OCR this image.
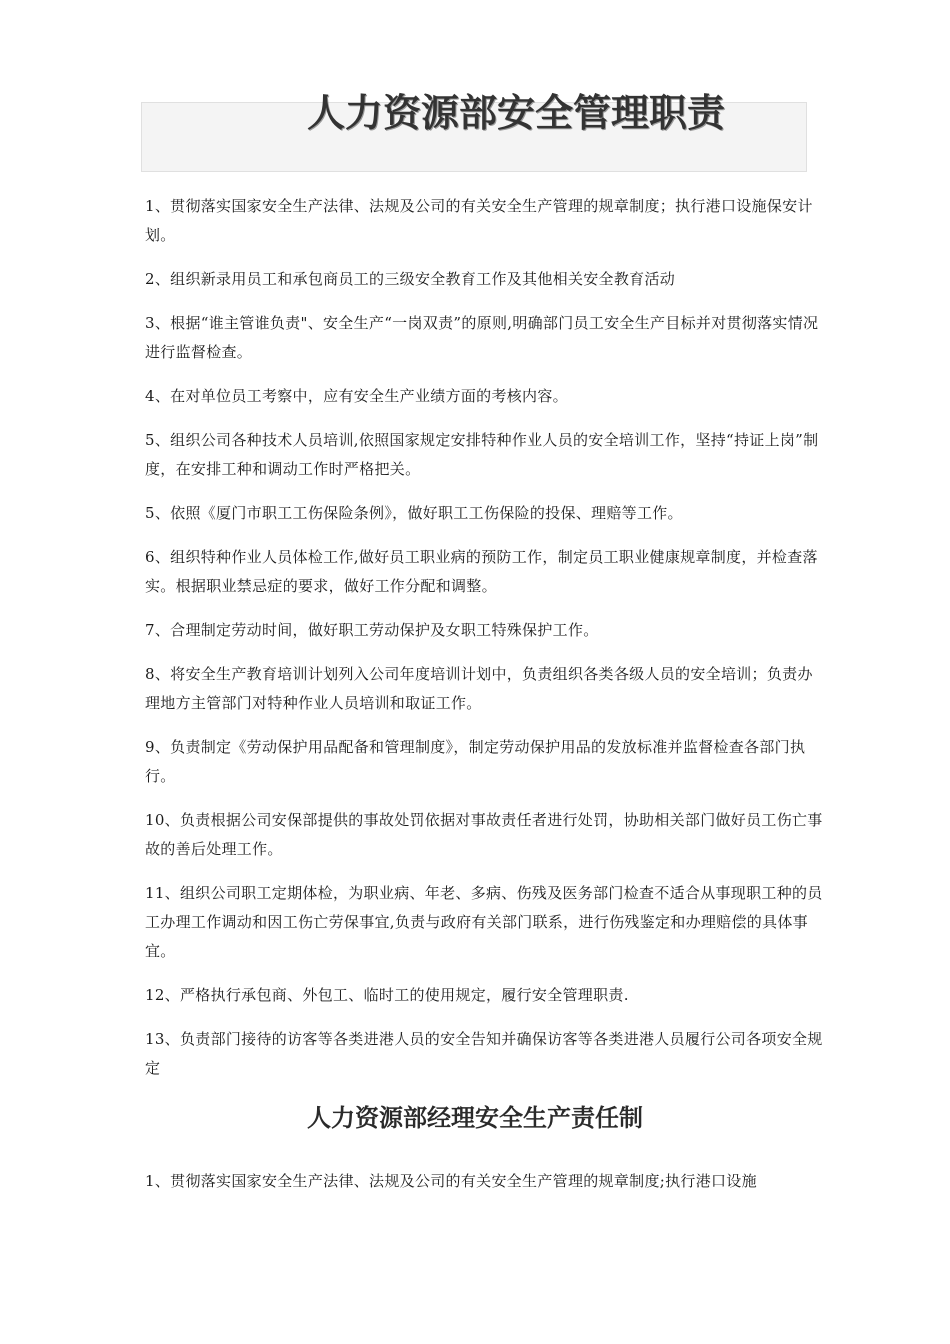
人力资源部安全管理职责

1、贯彻落实国家安全生产法律、法规及公司的有关安全生产管理的规章制度；执行港口设施保安计划。

2、组织新录用员工和承包商员工的三级安全教育工作及其他相关安全教育活动

3、根据“谁主管谁负责"、安全生产“一岗双责”的原则,明确部门员工安全生产目标并对贯彻落实情况进行监督检查。

4、在对单位员工考察中，应有安全生产业绩方面的考核内容。

5、组织公司各种技术人员培训,依照国家规定安排特种作业人员的安全培训工作，坚持“持证上岗”制度，在安排工种和调动工作时严格把关。

5、依照《厦门市职工工伤保险条例》，做好职工工伤保险的投保、理赔等工作。

6、组织特种作业人员体检工作,做好员工职业病的预防工作，制定员工职业健康规章制度，并检查落实。根据职业禁忌症的要求，做好工作分配和调整。

7、合理制定劳动时间，做好职工劳动保护及女职工特殊保护工作。

8、将安全生产教育培训计划列入公司年度培训计划中，负责组织各类各级人员的安全培训；负责办理地方主管部门对特种作业人员培训和取证工作。

9、负责制定《劳动保护用品配备和管理制度》，制定劳动保护用品的发放标准并监督检查各部门执行。

10、负责根据公司安保部提供的事故处罚依据对事故责任者进行处罚，协助相关部门做好员工伤亡事故的善后处理工作。

11、组织公司职工定期体检，为职业病、年老、多病、伤残及医务部门检查不适合从事现职工种的员工办理工作调动和因工伤亡劳保事宜,负责与政府有关部门联系，进行伤残鉴定和办理赔偿的具体事宜。

12、严格执行承包商、外包工、临时工的使用规定，履行安全管理职责.

13、负责部门接待的访客等各类进港人员的安全告知并确保访客等各类进港人员履行公司各项安全规定

人力资源部经理安全生产责任制

1、贯彻落实国家安全生产法律、法规及公司的有关安全生产管理的规章制度;执行港口设施
